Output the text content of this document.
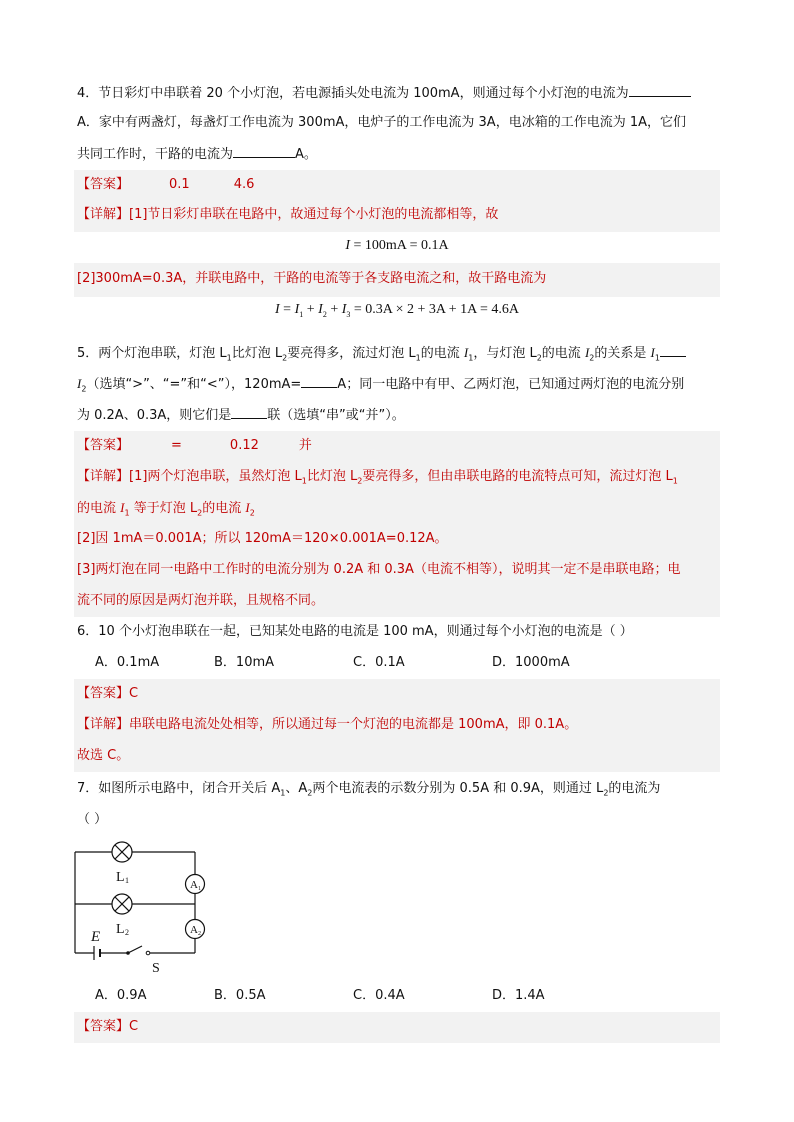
4．节日彩灯中串联着 20 个小灯泡，若电源插头处电流为 100mA，则通过每个小灯泡的电流为
A．家中有两盏灯，每盏灯工作电流为 300mA，电炉子的工作电流为 3A，电冰箱的工作电流为 1A，它们
共同工作时，干路的电流为	A。
【答案】	0.1	4.6
【详解】[1]节日彩灯串联在电路中，故通过每个小灯泡的电流都相等，故
I = 100mA = 0.1A
[2]300mA=0.3A，并联电路中，干路的电流等于各支路电流之和，故干路电流为
$I = I_1 + I_2 + I_3 = 0.3A \times 2 + 3A + 1A = 4.6A$
5．两个灯泡串联，灯泡 $L_1$比灯泡 $L_2$要亮得多，流过灯泡 $L_1$的电流 $I_1$，与灯泡 $L_2$的电流 $I_2$的关系是 $I_1$
$I_2$（选填“>”、“=”和“<”），120mA=	A；同一电路中有甲、乙两灯泡，已知通过两灯泡的电流分别
为 0.2A、0.3A，则它们是	联（选填“串”或“并”）。
【答案】	=	0.12	并
【详解】[1]两个灯泡串联，虽然灯泡 $L_1$比灯泡 $L_2$要亮得多，但由串联电路的电流特点可知，流过灯泡 $L_1$
的电流 $I_1$ 等于灯泡 $L_2$的电流 $I_2$
[2]因 1mA＝0.001A；所以 120mA＝120×0.001A=0.12A。
[3]两灯泡在同一电路中工作时的电流分别为 0.2A 和 0.3A（电流不相等），说明其一定不是串联电路；电
流不同的原因是两灯泡并联，且规格不同。
6．10 个小灯泡串联在一起，已知某处电路的电流是 100 mA，则通过每个小灯泡的电流是（ ）
A．0.1mA	B．10mA	C．0.1A	D．1000mA
【答案】C
【详解】串联电路电流处处相等，所以通过每一个灯泡的电流都是 100mA，即 0.1A。
故选 C。
7．如图所示电路中，闭合开关后 $A_1$、$A_2$两个电流表的示数分别为 0.5A 和 0.9A，则通过 $L_2$的电流为
（ ）
A 1
A 2
L 1
L 2
E
S
A．0.9A	B．0.5A	C．0.4A	D．1.4A
【答案】C
